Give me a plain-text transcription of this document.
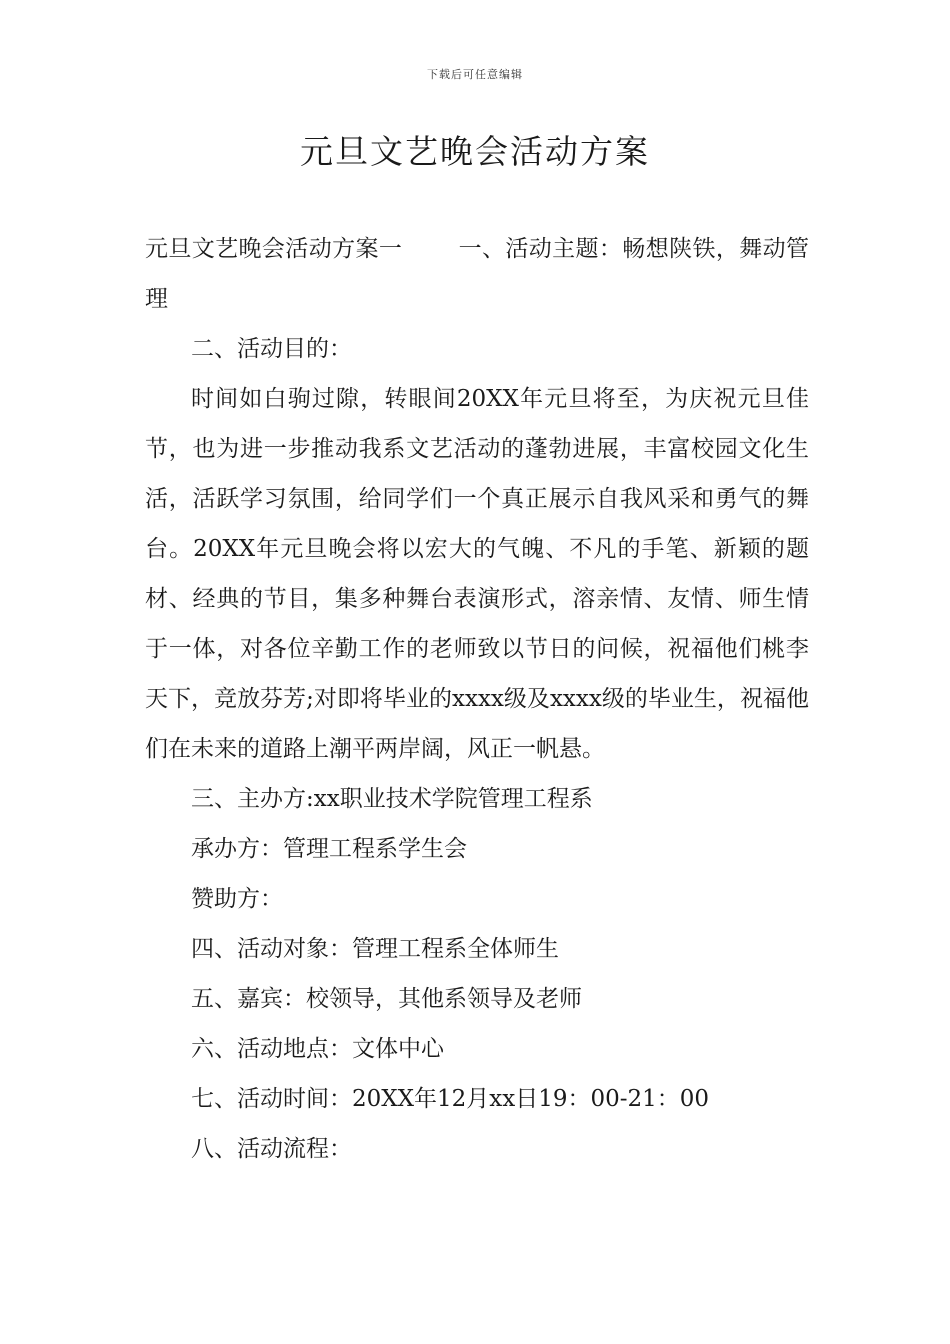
下载后可任意编辑
元旦文艺晚会活动方案

元旦文艺晚会活动方案一 一、活动主题：畅想陕铁，舞动管理

二、活动目的：

时间如白驹过隙，转眼间20XX年元旦将至，为庆祝元旦佳节，也为进一步推动我系文艺活动的蓬勃进展，丰富校园文化生活，活跃学习氛围，给同学们一个真正展示自我风采和勇气的舞台。20XX年元旦晚会将以宏大的气魄、不凡的手笔、新颖的题材、经典的节目，集多种舞台表演形式，溶亲情、友情、师生情于一体，对各位辛勤工作的老师致以节日的问候，祝福他们桃李天下，竞放芬芳;对即将毕业的xxxx级及xxxx级的毕业生，祝福他们在未来的道路上潮平两岸阔，风正一帆悬。

三、主办方:xx职业技术学院管理工程系

承办方：管理工程系学生会

赞助方：

四、活动对象：管理工程系全体师生

五、嘉宾：校领导，其他系领导及老师

六、活动地点：文体中心

七、活动时间：20XX年12月xx日19：00-21：00

八、活动流程：
